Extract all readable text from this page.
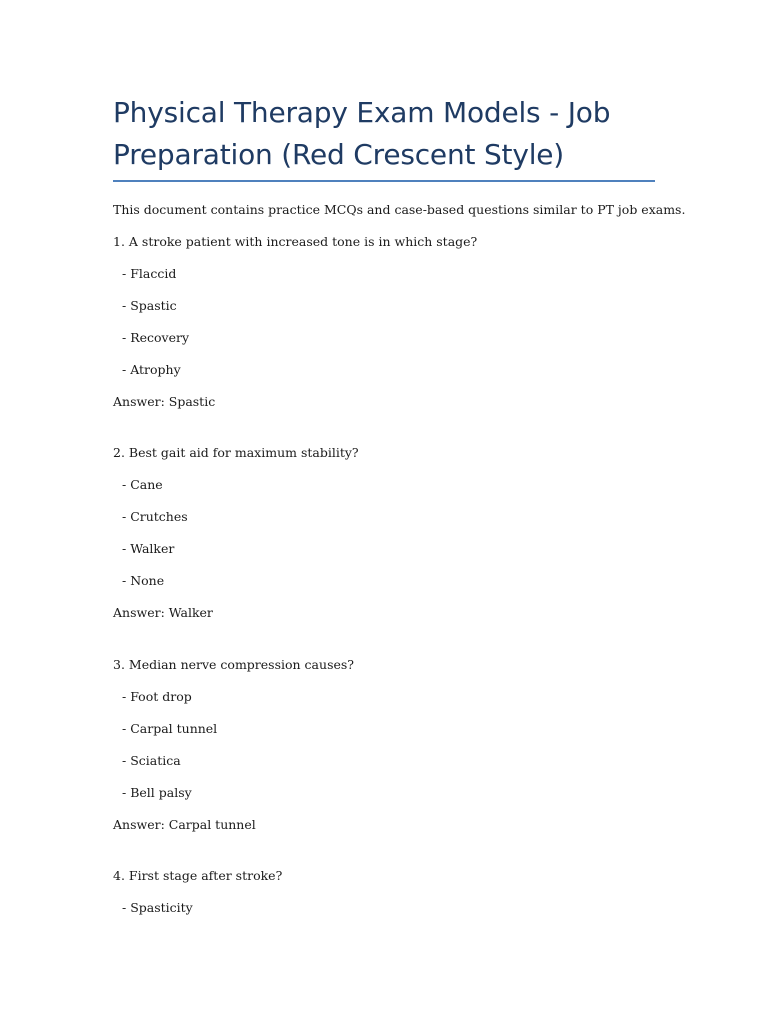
Physical Therapy Exam Models - Job Preparation (Red Crescent Style)

This document contains practice MCQs and case-based questions similar to PT job exams.

1. A stroke patient with increased tone is in which stage?

- Flaccid

- Spastic

- Recovery

- Atrophy

Answer: Spastic

2. Best gait aid for maximum stability?

- Cane

- Crutches

- Walker

- None

Answer: Walker

3. Median nerve compression causes?

- Foot drop

- Carpal tunnel

- Sciatica

- Bell palsy

Answer: Carpal tunnel

4. First stage after stroke?

- Spasticity
